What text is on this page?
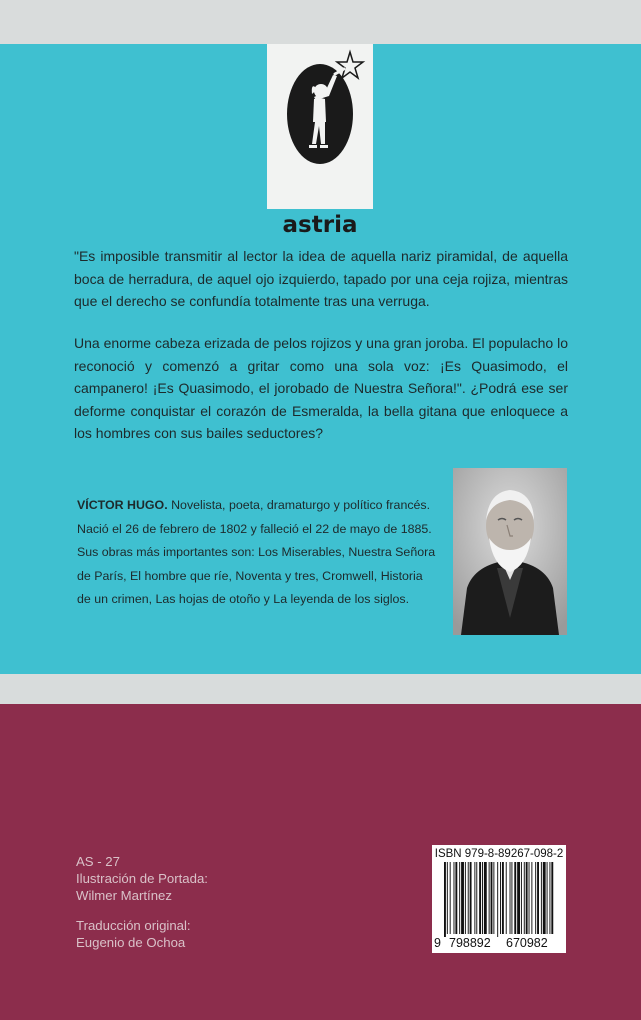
astria

"Es imposible transmitir al lector la idea de aquella nariz piramidal, de aquella boca de herradura, de aquel ojo izquierdo, tapado por una ceja rojiza, mientras que el derecho se confundía totalmente tras una verruga.

Una enorme cabeza erizada de pelos rojizos y una gran joroba. El populacho lo reconoció y comenzó a gritar como una sola voz: ¡Es Quasimodo, el campanero! ¡Es Quasimodo, el jorobado de Nuestra Señora!". ¿Podrá ese ser deforme conquistar el corazón de Esmeralda, la bella gitana que enloquece a los hombres con sus bailes seductores?

VÍCTOR HUGO. Novelista, poeta, dramaturgo y político francés. Nació el 26 de febrero de 1802 y falleció el 22 de mayo de 1885. Sus obras más importantes son: Los Miserables, Nuestra Señora de París, El hombre que ríe, Noventa y tres, Cromwell, Historia de un crimen, Las hojas de otoño y La leyenda de los siglos.

AS - 27
Ilustración de Portada:
Wilmer Martínez
Traducción original:
Eugenio de Ochoa
ISBN 979-8-89267-098-2
9 798892 670982
